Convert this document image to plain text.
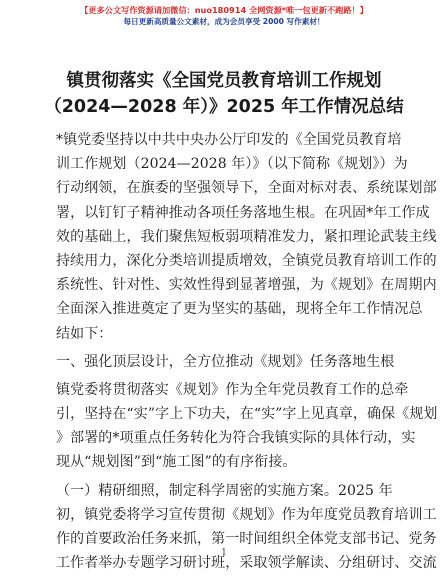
【更多公文写作资源请加微信：nuo180914 全网资源*唯一包更新不跑路！】
每日更新高质量公文素材，成为会员享受 2000 写作素材！
镇贯彻落实《全国党员教育培训工作规划
（2024—2028 年）》2025 年工作情况总结
*镇党委坚持以中共中央办公厅印发的《全国党员教育培
训工作规划（2024—2028 年）》（以下简称《规划》）为
行动纲领，在旗委的坚强领导下，全面对标对表、系统谋划部
署，以钉钉子精神推动各项任务落地生根。在巩固*年工作成
效的基础上，我们聚焦短板弱项精准发力，紧扣理论武装主线
持续用力，深化分类培训提质增效，全镇党员教育培训工作的
系统性、针对性、实效性得到显著增强，为《规划》在周期内
全面深入推进奠定了更为坚实的基础，现将全年工作情况总
结如下：
一、强化顶层设计，全方位推动《规划》任务落地生根
镇党委将贯彻落实《规划》作为全年党员教育工作的总牵
引，坚持在“实”字上下功夫，在“实”字上见真章，确保《规划
》部署的*项重点任务转化为符合我镇实际的具体行动，实
现从“规划图”到“施工图”的有序衔接。
（一）精研细照，制定科学周密的实施方案。2025 年
初，镇党委将学习宣传贯彻《规划》作为年度党员教育培训工
作的首要政治任务来抓，第一时间组织全体党支部书记、党务
工作者举办专题学习研讨班，采取领学解读、分组研讨、交流
1
